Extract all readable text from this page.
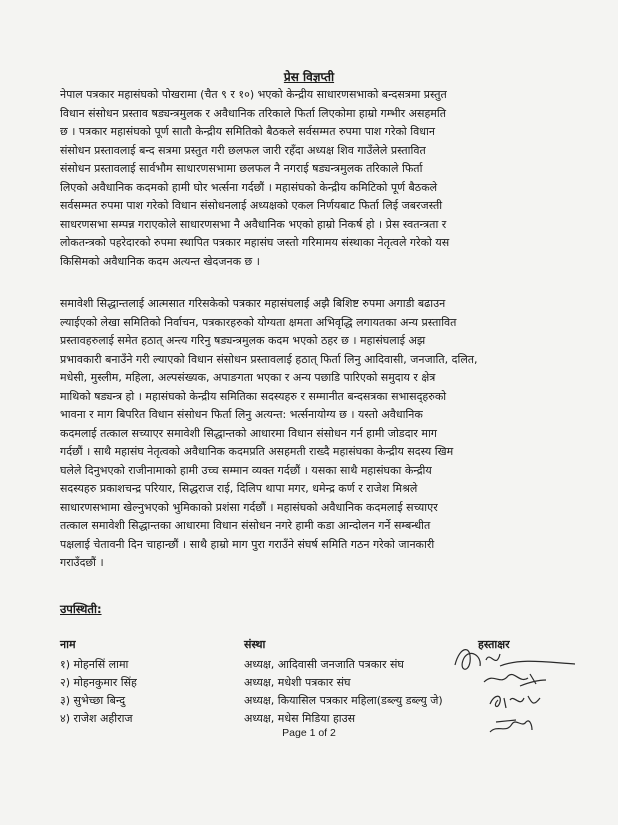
प्रेस विज्ञप्ती
नेपाल पत्रकार महासंघको पोखरामा (चैत ९ र १०) भएको केन्द्रीय साधारणसभाको बन्दसत्रमा प्रस्तुत
विधान संसोधन प्रस्ताव षड्यन्त्रमुलक र अवैधानिक तरिकाले फिर्ता लिएकोमा हाम्रो गम्भीर असहमति
छ । पत्रकार महासंघको पूर्ण सातौ केन्द्रीय समितिको बैठकले सर्वसम्मत रुपमा पाश गरेको विधान
संसोधन प्रस्तावलाई बन्द सत्रमा प्रस्तुत गरी छलफल जारी रहँदा अध्यक्ष शिव गाउँलेले प्रस्तावित
संसोधन प्रस्तावलाई सार्वभौम साधारणसभामा छलफल नै नगराई षड्यन्त्रमुलक तरिकाले फिर्ता
लिएको अवैधानिक कदमको हामी घोर भर्त्सना गर्दछौं । महासंघको केन्द्रीय कमिटिको पूर्ण बैठकले
सर्वसम्मत रुपमा पाश गरेको विधान संसोधनलाई अध्यक्षको एकल निर्णयबाट फिर्ता लिई जबरजस्ती
साधरणसभा सम्पन्न गराएकोले साधारणसभा नै अवैधानिक भएको हाम्रो निकर्ष हो । प्रेस स्वतन्त्रता र
लोकतन्त्रको पहरेदारको रुपमा स्थापित पत्रकार महासंघ जस्तो गरिमामय संस्थाका नेतृत्वले गरेको यस
किसिमको अवैधानिक कदम अत्यन्त खेदजनक छ ।
समावेशी सिद्धान्तलाई आत्मसात गरिसकेको पत्रकार महासंघलाई अझै बिशिष्ट रुपमा अगाडी बढाउन
ल्याईएको लेखा समितिको निर्वाचन, पत्रकारहरुको योग्यता क्षमता अभिवृद्धि लगायतका अन्य प्रस्तावित
प्रस्तावहरुलाई समेत हठात् अन्त्य गरिनु षड्यन्त्रमुलक कदम भएको ठहर छ । महासंघलाई अझ
प्रभावकारी बनाउँने गरी ल्याएको विधान संसोधन प्रस्तावलाई हठात् फिर्ता लिनु आदिवासी, जनजाति, दलित,
मधेसी, मुस्लीम, महिला, अल्पसंख्यक, अपाङगता भएका र अन्य पछाडि पारिएको समुदाय र क्षेत्र
माथिको षड्यन्त्र हो । महासंघको केन्द्रीय समितिका सदस्यहरु र सम्मानीत बन्दसत्रका सभासद्हरुको
भावना र माग बिपरित विधान संसोधन फिर्ता लिनु अत्यन्त: भर्त्सनायोग्य छ । यस्तो अवैधानिक
कदमलाई तत्काल सच्याएर समावेशी सिद्धान्तको आधारमा विधान संसोधन गर्न हामी जोडदार माग
गर्दछौं । साथै महासंघ नेतृत्वको अवैधानिक कदमप्रति असहमती राख्दै महासंघका केन्द्रीय सदस्य खिम
घलेले दिनुभएको राजीनामाको हामी उच्च सम्मान व्यक्त गर्दछौं । यसका साथै महासंघका केन्द्रीय
सदस्यहरु प्रकाशचन्द्र परियार, सिद्धराज राई, दिलिप थापा मगर, धमेन्द्र कर्ण र राजेश मिश्रले
साधारणसभामा खेल्नुभएको भुमिकाको प्रशंसा गर्दछौं । महासंघको अवैधानिक कदमलाई सच्याएर
तत्काल समावेशी सिद्धान्तका आधारमा विधान संसोधन नगरे हामी कडा आन्दोलन गर्ने सम्बन्धीत
पक्षलाई चेतावनी दिन चाहान्छौं । साथै हाम्रो माग पुरा गराउँने संघर्ष समिति गठन गरेको जानकारी
गराउँदछौं ।
उपस्थिती:
नाम	संस्था	हस्ताक्षर
१) मोहनसिं लामा
२) मोहनकुमार सिंह
३) सुभेच्छा बिन्दु
४) राजेश अहीराज
अध्यक्ष, आदिवासी जनजाति पत्रकार संघ
अध्यक्ष, मधेशी पत्रकार संघ
अध्यक्ष, कियासिल पत्रकार महिला(डब्ल्यु डब्ल्यु जे)
अध्यक्ष, मधेस मिडिया हाउस
Page 1 of 2
